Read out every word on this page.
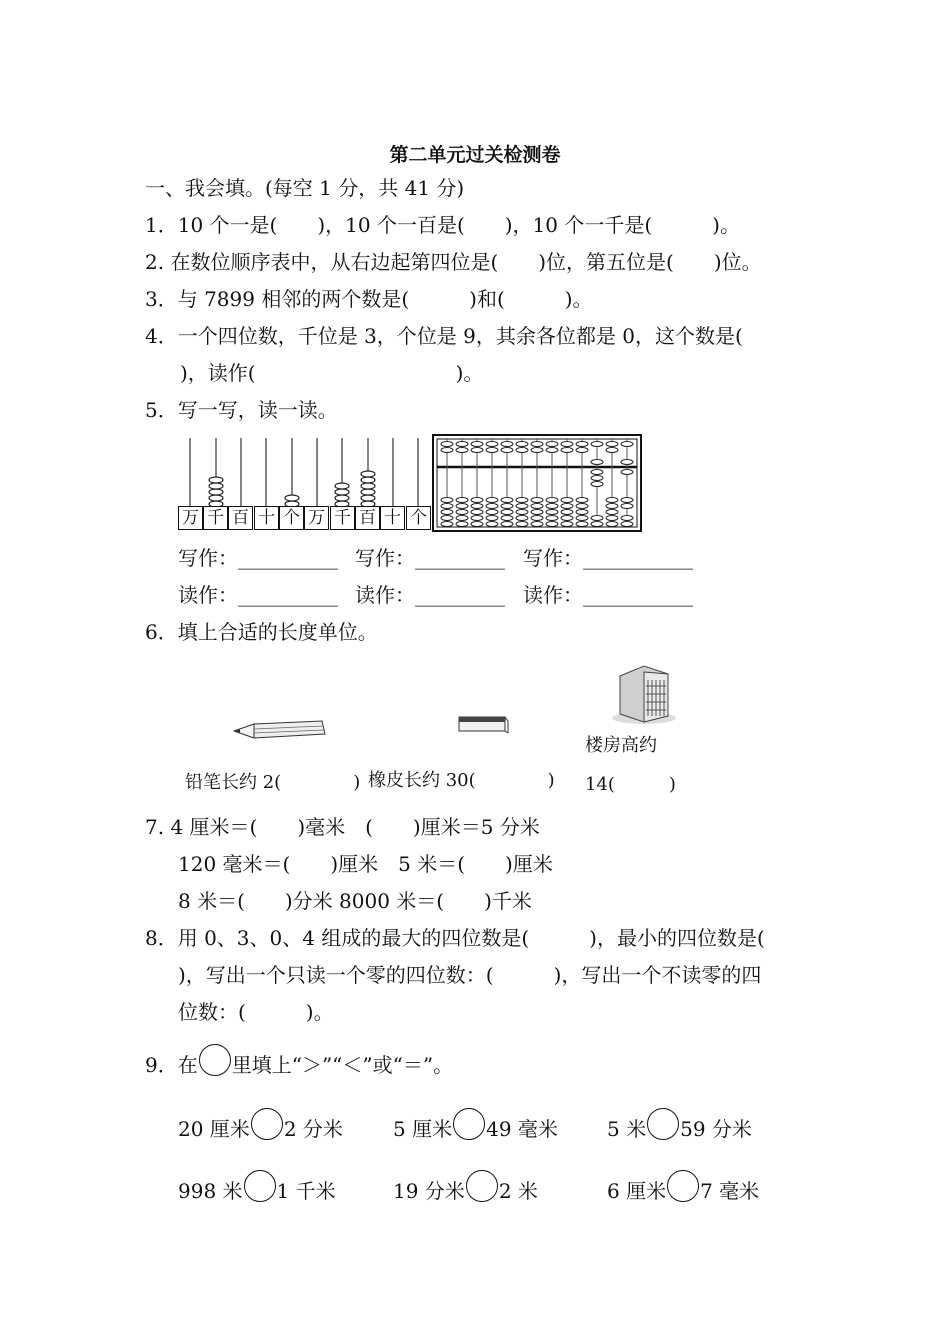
第二单元过关检测卷
一、我会填。(每空 1 分，共 41 分)
1．10 个一是(　　)，10 个一百是(　　)，10 个一千是(　　　)。
2. 在数位顺序表中，从右边起第四位是(　　)位，第五位是(　　)位。
3．与 7899 相邻的两个数是(　　　)和(　　　)。
4．一个四位数，千位是 3，个位是 9，其余各位都是 0，这个数是(
)，读作(　　　　　　　　　　)。
5．写一写，读一读。
万 千 百 十 个 万 千 百 十 个
写作：__________ 写作：_________ 写作：___________
读作：__________ 读作：_________ 读作：___________
6．填上合适的长度单位。
楼房高约
铅笔长约 2(　　　　) 橡皮长约 30(　　　　) 14(　　　)
7. 4 厘米＝(　　)毫米　(　　)厘米＝5 分米
120 毫米＝(　　)厘米　5 米＝(　　)厘米
8 米＝(　　)分米 8000 米＝(　　)千米
8．用 0、3、0、4 组成的最大的四位数是(　　　)，最小的四位数是(
)，写出一个只读一个零的四位数：(　　　)，写出一个不读零的四
位数：(　　　)。
9．在 里填上“＞”“＜”或“＝”。
20 厘米 2 分米	5 厘米 49 毫米 5 米 59 分米
998 米 1 千米	19 分米 2 米	6 厘米 7 毫米
